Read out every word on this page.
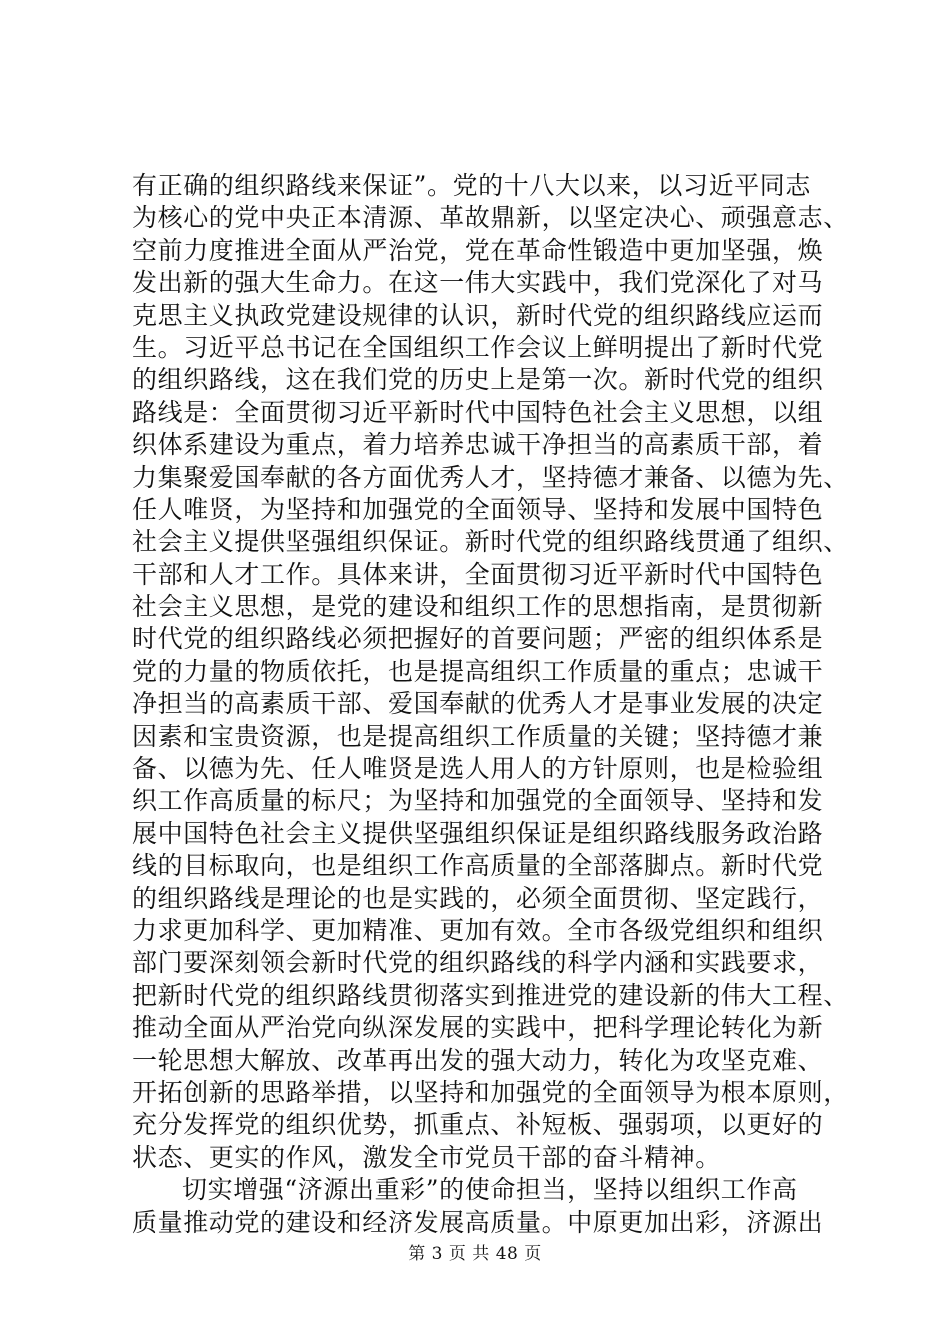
有正确的组织路线来保证”。党的十八大以来，以习近平同志
为核心的党中央正本清源、革故鼎新，以坚定决心、顽强意志、
空前力度推进全面从严治党，党在革命性锻造中更加坚强，焕
发出新的强大生命力。在这一伟大实践中，我们党深化了对马
克思主义执政党建设规律的认识，新时代党的组织路线应运而
生。习近平总书记在全国组织工作会议上鲜明提出了新时代党
的组织路线，这在我们党的历史上是第一次。新时代党的组织
路线是：全面贯彻习近平新时代中国特色社会主义思想，以组
织体系建设为重点，着力培养忠诚干净担当的高素质干部，着
力集聚爱国奉献的各方面优秀人才，坚持德才兼备、以德为先、
任人唯贤，为坚持和加强党的全面领导、坚持和发展中国特色
社会主义提供坚强组织保证。新时代党的组织路线贯通了组织、
干部和人才工作。具体来讲，全面贯彻习近平新时代中国特色
社会主义思想，是党的建设和组织工作的思想指南，是贯彻新
时代党的组织路线必须把握好的首要问题；严密的组织体系是
党的力量的物质依托，也是提高组织工作质量的重点；忠诚干
净担当的高素质干部、爱国奉献的优秀人才是事业发展的决定
因素和宝贵资源，也是提高组织工作质量的关键；坚持德才兼
备、以德为先、任人唯贤是选人用人的方针原则，也是检验组
织工作高质量的标尺；为坚持和加强党的全面领导、坚持和发
展中国特色社会主义提供坚强组织保证是组织路线服务政治路
线的目标取向，也是组织工作高质量的全部落脚点。新时代党
的组织路线是理论的也是实践的，必须全面贯彻、坚定践行，
力求更加科学、更加精准、更加有效。全市各级党组织和组织
部门要深刻领会新时代党的组织路线的科学内涵和实践要求，
把新时代党的组织路线贯彻落实到推进党的建设新的伟大工程、
推动全面从严治党向纵深发展的实践中，把科学理论转化为新
一轮思想大解放、改革再出发的强大动力，转化为攻坚克难、
开拓创新的思路举措，以坚持和加强党的全面领导为根本原则，
充分发挥党的组织优势，抓重点、补短板、强弱项，以更好的
状态、更实的作风，激发全市党员干部的奋斗精神。
切实增强“济源出重彩”的使命担当，坚持以组织工作高
质量推动党的建设和经济发展高质量。中原更加出彩，济源出
第 3 页 共 48 页
